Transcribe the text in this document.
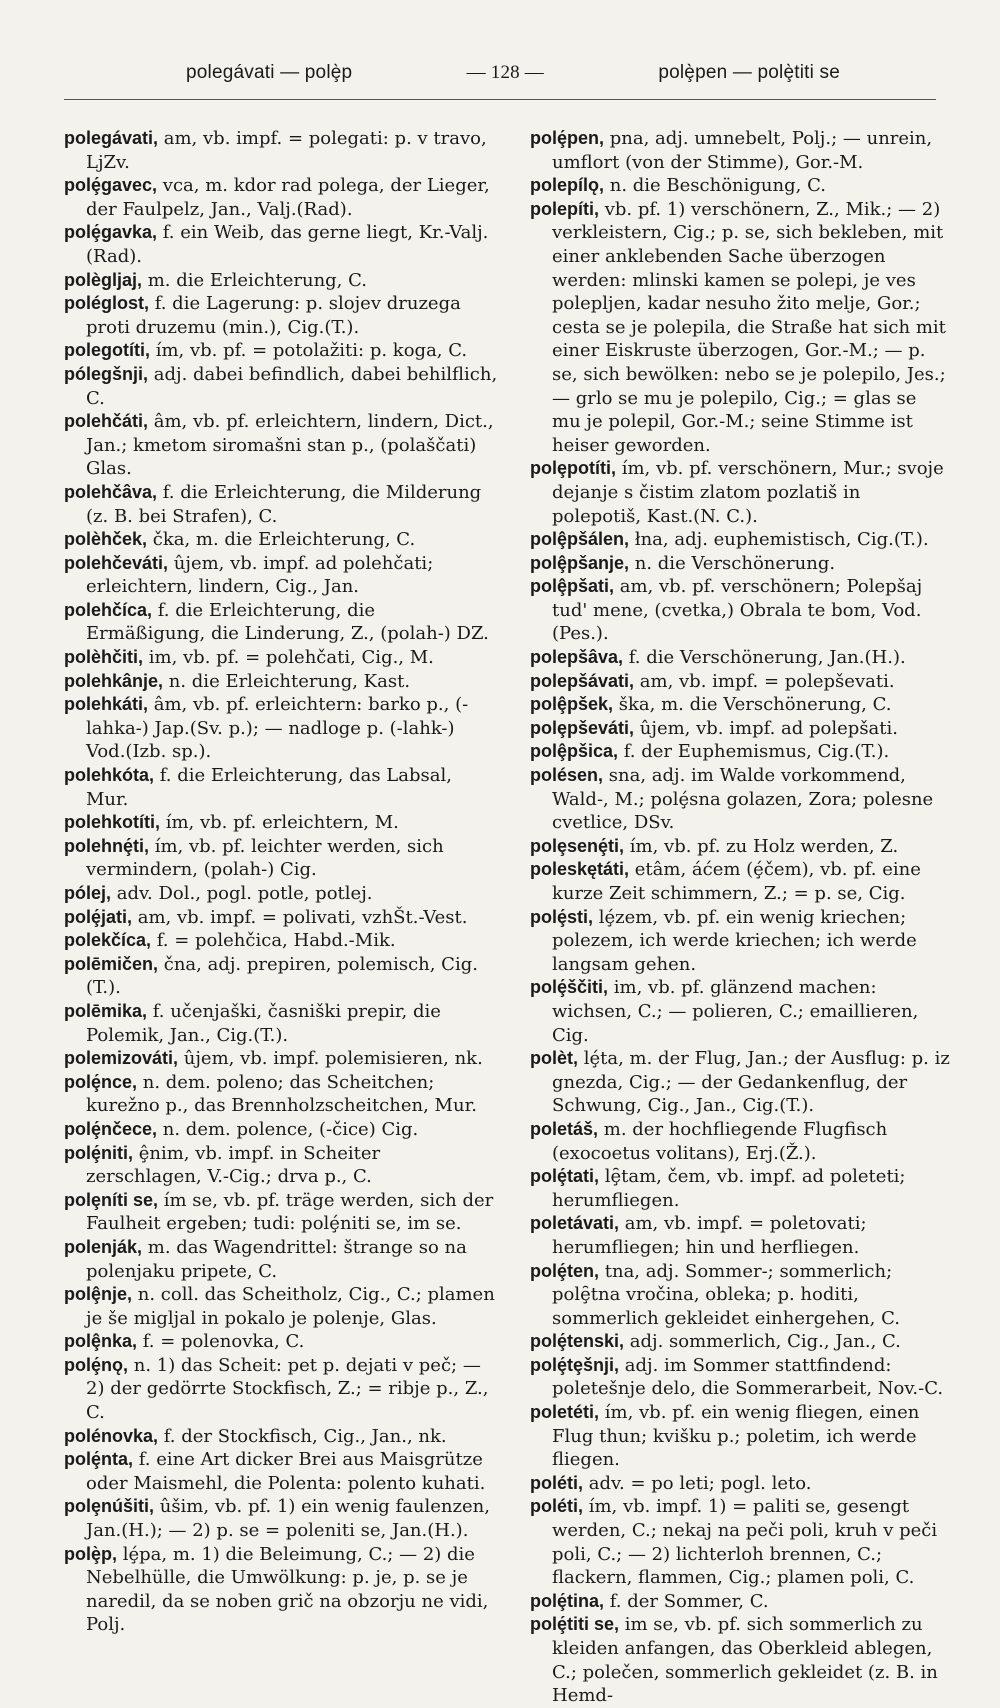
polegávati — polȩ̀p	— 128 —	polȩ̀pen — polȩ̀titi se

polegávati, am, vb. impf. = polegati: p. v travo, LjZv.

polȩ́gavec, vca, m. kdor rad polega, der Lieger, der Faulpelz, Jan., Valj.(Rad).

polȩ́gavka, f. ein Weib, das gerne liegt, Kr.-Valj.(Rad).

polègljaj, m. die Erleichterung, C.

poléglost, f. die Lagerung: p. slojev druzega proti druzemu (min.), Cig.(T.).

polegotíti, ím, vb. pf. = potolažiti: p. koga, C.

pólegšnji, adj. dabei befindlich, dabei behilflich, C.

polehčáti, âm, vb. pf. erleichtern, lindern, Dict., Jan.; kmetom siromašni stan p., (polaščati) Glas.

polehčâva, f. die Erleichterung, die Milderung (z. B. bei Strafen), C.

polèhček, čka, m. die Erleichterung, C.

polehčeváti, ûjem, vb. impf. ad polehčati; erleichtern, lindern, Cig., Jan.

polehčíca, f. die Erleichterung, die Ermäßigung, die Linderung, Z., (polah-) DZ.

polèhčiti, im, vb. pf. = polehčati, Cig., M.

polehkânje, n. die Erleichterung, Kast.

polehkáti, âm, vb. pf. erleichtern: barko p., (-lahka-) Jap.(Sv. p.); — nadloge p. (-lahk-) Vod.(Izb. sp.).

polehkóta, f. die Erleichterung, das Labsal, Mur.

polehkotíti, ím, vb. pf. erleichtern, M.

polehnȩ́ti, ím, vb. pf. leichter werden, sich vermindern, (polah-) Cig.

pólej, adv. Dol., pogl. potle, potlej.

polȩ́jati, am, vb. impf. = polivati, vzhŠt.-Vest.

polekčíca, f. = polehčica, Habd.-Mik.

polēmičen, čna, adj. prepiren, polemisch, Cig. (T.).

polēmika, f. učenjaški, časniški prepir, die Polemik, Jan., Cig.(T.).

polemizováti, ûjem, vb. impf. polemisieren, nk.

polȩ́nce, n. dem. poleno; das Scheitchen; kurežno p., das Brennholzscheitchen, Mur.

polȩ́nčece, n. dem. polence, (-čice) Cig.

polȩ́niti, ȩ̂nim, vb. impf. in Scheiter zerschlagen, V.-Cig.; drva p., C.

polȩníti se, ím se, vb. pf. träge werden, sich der Faulheit ergeben; tudi: polȩ́niti se, im se.

polenják, m. das Wagendrittel: štrange so na polenjaku pripete, C.

polȩ̂nje, n. coll. das Scheitholz, Cig., C.; plamen je še migljal in pokalo je polenje, Glas.

polȩ̂nka, f. = polenovka, C.

polȩ́nǫ, n. 1) das Scheit: pet p. dejati v peč; — 2) der gedörrte Stockfisch, Z.; = ribje p., Z., C.

polénovka, f. der Stockfisch, Cig., Jan., nk.

polȩ́nta, f. eine Art dicker Brei aus Maisgrütze oder Maismehl, die Polenta: polento kuhati.

polȩnúšiti, ûšim, vb. pf. 1) ein wenig faulenzen, Jan.(H.); — 2) p. se = poleniti se, Jan.(H.).

polȩ̀p, lȩ́pa, m. 1) die Beleimung, C.; — 2) die Nebelhülle, die Umwölkung: p. je, p. se je naredil, da se noben grič na obzorju ne vidi, Polj.

polȩ́pen, pna, adj. umnebelt, Polj.; — unrein, umflort (von der Stimme), Gor.-M.

polepílǫ, n. die Beschönigung, C.

polepíti, vb. pf. 1) verschönern, Z., Mik.; — 2) verkleistern, Cig.; p. se, sich bekleben, mit einer anklebenden Sache überzogen werden: mlinski kamen se polepi, je ves polepljen, kadar nesuho žito melje, Gor.; cesta se je polepila, die Straße hat sich mit einer Eiskruste überzogen, Gor.-M.; — p. se, sich bewölken: nebo se je polepilo, Jes.; — grlo se mu je polepilo, Cig.; = glas se mu je polepil, Gor.-M.; seine Stimme ist heiser geworden.

polȩpotíti, ím, vb. pf. verschönern, Mur.; svoje dejanje s čistim zlatom pozlatiš in polepotiš, Kast.(N. C.).

polȩ̂pšálen, łna, adj. euphemistisch, Cig.(T.).

polȩ̂pšanje, n. die Verschönerung.

polȩ̂pšati, am, vb. pf. verschönern; Polepšaj tud' mene, (cvetka,) Obrala te bom, Vod. (Pes.).

polepšâva, f. die Verschönerung, Jan.(H.).

polepšávati, am, vb. impf. = polepševati.

polȩ̂pšek, ška, m. die Verschönerung, C.

polȩpševáti, ûjem, vb. impf. ad polepšati.

polȩ̂pšica, f. der Euphemismus, Cig.(T.).

polésen, sna, adj. im Walde vorkommend, Wald-, M.; polȩ́sna golazen, Zora; polesne cvetlice, DSv.

polȩsenȩ́ti, ím, vb. pf. zu Holz werden, Z.

poleskętáti, etâm, áćem (ȩ́čem), vb. pf. eine kurze Zeit schimmern, Z.; = p. se, Cig.

polȩ́sti, lȩ́zem, vb. pf. ein wenig kriechen; polezem, ich werde kriechen; ich werde langsam gehen.

polȩ́ščiti, im, vb. pf. glänzend machen: wichsen, C.; — polieren, C.; emaillieren, Cig.

polèt, lȩ́ta, m. der Flug, Jan.; der Ausflug: p. iz gnezda, Cig.; — der Gedankenflug, der Schwung, Cig., Jan., Cig.(T.).

poletáš, m. der hochfliegende Flugfisch (exocoetus volitans), Erj.(Ž.).

polȩ́tati, lȩ̑tam, čem, vb. impf. ad poleteti; herumfliegen.

poletávati, am, vb. impf. = poletovati; herumfliegen; hin und herfliegen.

polȩ́ten, tna, adj. Sommer-; sommerlich; polȩ̑tna vročina, obleka; p. hoditi, sommerlich gekleidet einhergehen, C.

polȩ́tenski, adj. sommerlich, Cig., Jan., C.

polȩ́tȩšnji, adj. im Sommer stattfindend: poletešnje delo, die Sommerarbeit, Nov.-C.

poletéti, ím, vb. pf. ein wenig fliegen, einen Flug thun; kvišku p.; poletim, ich werde fliegen.

poléti, adv. = po leti; pogl. leto.

poléti, ím, vb. impf. 1) = paliti se, gesengt werden, C.; nekaj na peči poli, kruh v peči poli, C.; — 2) lichterloh brennen, C.; flackern, flammen, Cig.; plamen poli, C.

polȩ́tina, f. der Sommer, C.

polȩ́titi se, im se, vb. pf. sich sommerlich zu kleiden anfangen, das Oberkleid ablegen, C.; polečen, sommerlich gekleidet (z. B. in Hemd-
